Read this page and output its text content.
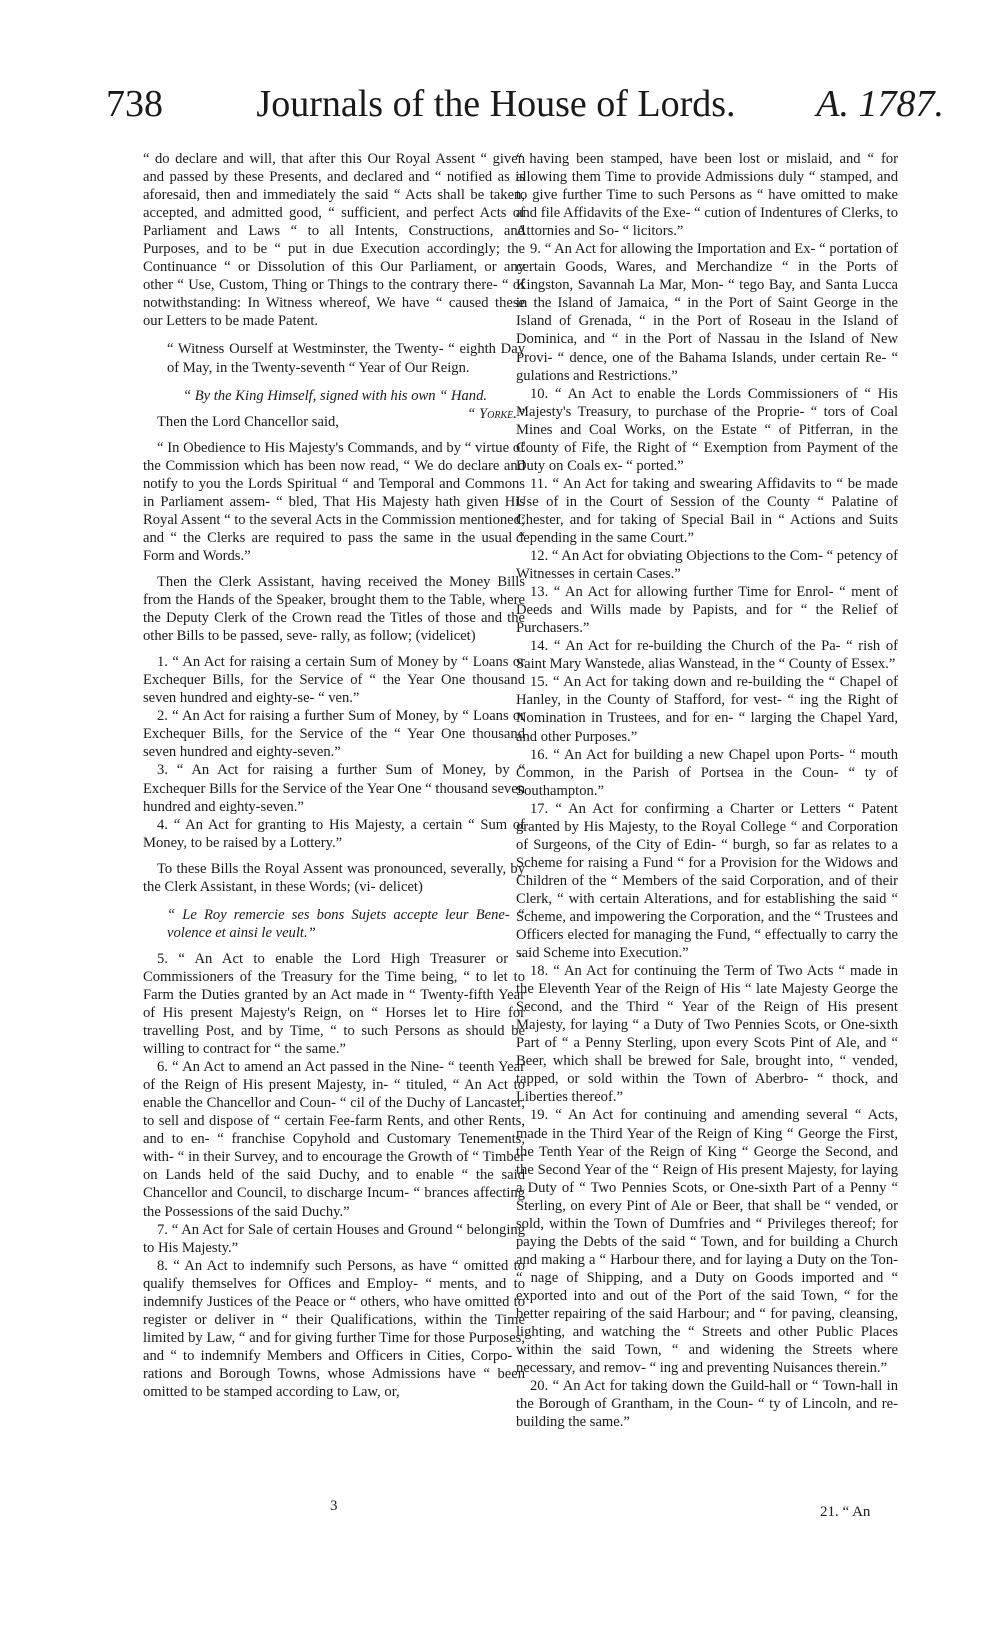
738	Journals of the House of Lords.	A. 1787.

“ do declare and will, that after this Our Royal Assent “ given and passed by these Presents, and declared and “ notified as is aforesaid, then and immediately the said “ Acts shall be taken, accepted, and admitted good, “ sufficient, and perfect Acts of Parliament and Laws “ to all Intents, Constructions, and Purposes, and to be “ put in due Execution accordingly; the Continuance “ or Dissolution of this Our Parliament, or any other “ Use, Custom, Thing or Things to the contrary there- “ of notwithstanding: In Witness whereof, We have “ caused these our Letters to be made Patent.

“ Witness Ourself at Westminster, the Twenty- “ eighth Day of May, in the Twenty-seventh “ Year of Our Reign.

“ By the King Himself, signed with his own “ Hand.
“ Yorke.”

Then the Lord Chancellor said,

“ In Obedience to His Majesty's Commands, and by “ virtue of the Commission which has been now read, “ We do declare and notify to you the Lords Spiritual “ and Temporal and Commons in Parliament assem- “ bled, That His Majesty hath given His Royal Assent “ to the several Acts in the Commission mentioned; and “ the Clerks are required to pass the same in the usual “ Form and Words.”

Then the Clerk Assistant, having received the Money Bills from the Hands of the Speaker, brought them to the Table, where the Deputy Clerk of the Crown read the Titles of those and the other Bills to be passed, seve- rally, as follow; (videlicet)

1. “ An Act for raising a certain Sum of Money by “ Loans or Exchequer Bills, for the Service of “ the Year One thousand seven hundred and eighty-se- “ ven.”

2. “ An Act for raising a further Sum of Money, by “ Loans or Exchequer Bills, for the Service of the “ Year One thousand seven hundred and eighty-seven.”

3. “ An Act for raising a further Sum of Money, by “ Exchequer Bills for the Service of the Year One “ thousand seven hundred and eighty-seven.”

4. “ An Act for granting to His Majesty, a certain “ Sum of Money, to be raised by a Lottery.”

To these Bills the Royal Assent was pronounced, severally, by the Clerk Assistant, in these Words; (vi- delicet)

“ Le Roy remercie ses bons Sujets accepte leur Bene- “ volence et ainsi le veult.”

5. “ An Act to enable the Lord High Treasurer or “ Commissioners of the Treasury for the Time being, “ to let to Farm the Duties granted by an Act made in “ Twenty-fifth Year of His present Majesty's Reign, on “ Horses let to Hire for travelling Post, and by Time, “ to such Persons as should be willing to contract for “ the same.”

6. “ An Act to amend an Act passed in the Nine- “ teenth Year of the Reign of His present Majesty, in- “ tituled, “ An Act to enable the Chancellor and Coun- “ cil of the Duchy of Lancaster, to sell and dispose of “ certain Fee-farm Rents, and other Rents, and to en- “ franchise Copyhold and Customary Tenements, with- “ in their Survey, and to encourage the Growth of “ Timber on Lands held of the said Duchy, and to enable “ the said Chancellor and Council, to discharge Incum- “ brances affecting the Possessions of the said Duchy.”

7. “ An Act for Sale of certain Houses and Ground “ belonging to His Majesty.”

8. “ An Act to indemnify such Persons, as have “ omitted to qualify themselves for Offices and Employ- “ ments, and to indemnify Justices of the Peace or “ others, who have omitted to register or deliver in “ their Qualifications, within the Time limited by Law, “ and for giving further Time for those Purposes, and “ to indemnify Members and Officers in Cities, Corpo- “ rations and Borough Towns, whose Admissions have “ been omitted to be stamped according to Law, or,

“ having been stamped, have been lost or mislaid, and “ for allowing them Time to provide Admissions duly “ stamped, and to give further Time to such Persons as “ have omitted to make and file Affidavits of the Exe- “ cution of Indentures of Clerks, to Attornies and So- “ licitors.”

9. “ An Act for allowing the Importation and Ex- “ portation of certain Goods, Wares, and Merchandize “ in the Ports of Kingston, Savannah La Mar, Mon- “ tego Bay, and Santa Lucca in the Island of Jamaica, “ in the Port of Saint George in the Island of Grenada, “ in the Port of Roseau in the Island of Dominica, and “ in the Port of Nassau in the Island of New Provi- “ dence, one of the Bahama Islands, under certain Re- “ gulations and Restrictions.”

10. “ An Act to enable the Lords Commissioners of “ His Majesty's Treasury, to purchase of the Proprie- “ tors of Coal Mines and Coal Works, on the Estate “ of Pitferran, in the County of Fife, the Right of “ Exemption from Payment of the Duty on Coals ex- “ ported.”

11. “ An Act for taking and swearing Affidavits to “ be made Use of in the Court of Session of the County “ Palatine of Chester, and for taking of Special Bail in “ Actions and Suits depending in the same Court.”

12. “ An Act for obviating Objections to the Com- “ petency of Witnesses in certain Cases.”

13. “ An Act for allowing further Time for Enrol- “ ment of Deeds and Wills made by Papists, and for “ the Relief of Purchasers.”

14. “ An Act for re-building the Church of the Pa- “ rish of Saint Mary Wanstede, alias Wanstead, in the “ County of Essex.”

15. “ An Act for taking down and re-building the “ Chapel of Hanley, in the County of Stafford, for vest- “ ing the Right of Nomination in Trustees, and for en- “ larging the Chapel Yard, and other Purposes.”

16. “ An Act for building a new Chapel upon Ports- “ mouth Common, in the Parish of Portsea in the Coun- “ ty of Southampton.”

17. “ An Act for confirming a Charter or Letters “ Patent granted by His Majesty, to the Royal College “ and Corporation of Surgeons, of the City of Edin- “ burgh, so far as relates to a Scheme for raising a Fund “ for a Provision for the Widows and Children of the “ Members of the said Corporation, and of their Clerk, “ with certain Alterations, and for establishing the said “ Scheme, and impowering the Corporation, and the “ Trustees and Officers elected for managing the Fund, “ effectually to carry the said Scheme into Execution.”

18. “ An Act for continuing the Term of Two Acts “ made in the Eleventh Year of the Reign of His “ late Majesty George the Second, and the Third “ Year of the Reign of His present Majesty, for laying “ a Duty of Two Pennies Scots, or One-sixth Part of “ a Penny Sterling, upon every Scots Pint of Ale, and “ Beer, which shall be brewed for Sale, brought into, “ vended, tapped, or sold within the Town of Aberbro- “ thock, and Liberties thereof.”

19. “ An Act for continuing and amending several “ Acts, made in the Third Year of the Reign of King “ George the First, the Tenth Year of the Reign of King “ George the Second, and the Second Year of the “ Reign of His present Majesty, for laying a Duty of “ Two Pennies Scots, or One-sixth Part of a Penny “ Sterling, on every Pint of Ale or Beer, that shall be “ vended, or sold, within the Town of Dumfries and “ Privileges thereof; for paying the Debts of the said “ Town, and for building a Church and making a “ Harbour there, and for laying a Duty on the Ton- “ nage of Shipping, and a Duty on Goods imported and “ exported into and out of the Port of the said Town, “ for the better repairing of the said Harbour; and “ for paving, cleansing, lighting, and watching the “ Streets and other Public Places within the said Town, “ and widening the Streets where necessary, and remov- “ ing and preventing Nuisances therein.”

20. “ An Act for taking down the Guild-hall or “ Town-hall in the Borough of Grantham, in the Coun- “ ty of Lincoln, and re-building the same.”

3	21. “ An
